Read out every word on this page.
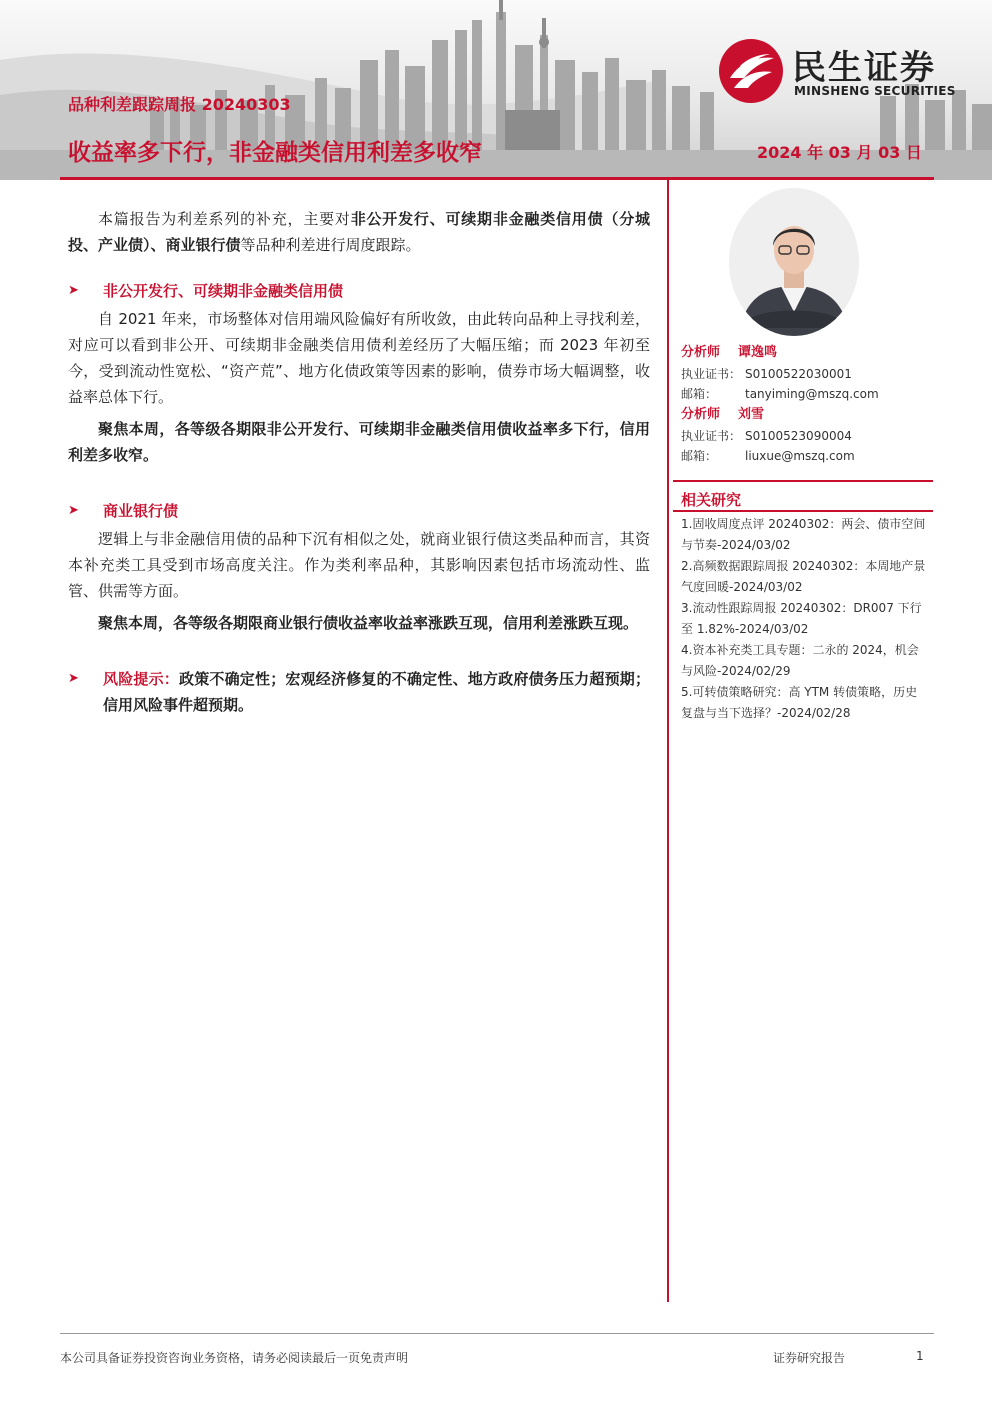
民生证券
MINSHENG SECURITIES
品种利差跟踪周报 20240303
收益率多下行，非金融类信用利差多收窄	2024 年 03 月 03 日

本篇报告为利差系列的补充，主要对非公开发行、可续期非金融类信用债（分城投、产业债）、商业银行债等品种利差进行周度跟踪。

➤ 非公开发行、可续期非金融类信用债

自 2021 年来，市场整体对信用端风险偏好有所收敛，由此转向品种上寻找利差，对应可以看到非公开、可续期非金融类信用债利差经历了大幅压缩；而 2023 年初至今，受到流动性宽松、“资产荒”、地方化债政策等因素的影响，债券市场大幅调整，收益率总体下行。

聚焦本周，各等级各期限非公开发行、可续期非金融类信用债收益率多下行，信用利差多收窄。

➤ 商业银行债

逻辑上与非金融信用债的品种下沉有相似之处，就商业银行债这类品种而言，其资本补充类工具受到市场高度关注。作为类利率品种，其影响因素包括市场流动性、监管、供需等方面。

聚焦本周，各等级各期限商业银行债收益率收益率涨跌互现，信用利差涨跌互现。

➤ 风险提示：政策不确定性；宏观经济修复的不确定性、地方政府债务压力超预期；信用风险事件超预期。
分析师 谭逸鸣
执业证书： S0100522030001
邮箱： tanyiming@mszq.com
分析师 刘雪
执业证书： S0100523090004
邮箱： liuxue@mszq.com
相关研究
1.固收周度点评 20240302：两会、债市空间与节奏-2024/03/02
2.高频数据跟踪周报 20240302：本周地产景气度回暖-2024/03/02
3.流动性跟踪周报 20240302：DR007 下行至 1.82%-2024/03/02
4.资本补充类工具专题：二永的 2024，机会与风险-2024/02/29
5.可转债策略研究：高 YTM 转债策略，历史复盘与当下选择？-2024/02/28
本公司具备证券投资咨询业务资格，请务必阅读最后一页免责声明	证券研究报告	1
